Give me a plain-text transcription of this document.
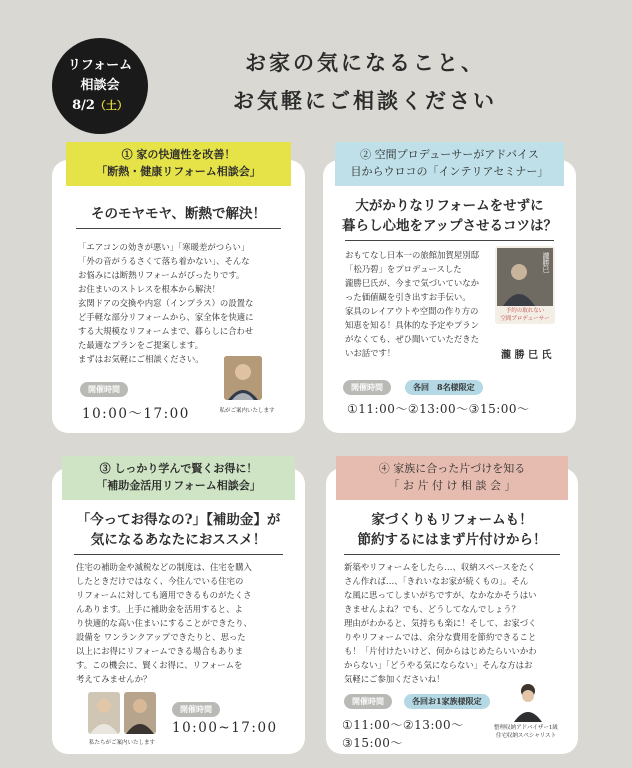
リフォーム
相談会
8/2（土）
お家の気になること、
お気軽にご相談ください
① 家の快適性を改善！
「断熱・健康リフォーム相談会」
そのモヤモヤ、断熱で解決！
「エアコンの効きが悪い」「寒暖差がつらい」
「外の音がうるさくて落ち着かない」、そんな
お悩みには断熱リフォームがぴったりです。
お住まいのストレスを根本から解決！
玄関ドアの交換や内窓（インプラス）の設置な
ど手軽な部分リフォームから、家全体を快適に
する大規模なリフォームまで、暮らしに合わせ
た最適なプランをご提案します。
まずはお気軽にご相談ください。
開催時間
10:00〜17:00	私がご案内いたします
② 空間プロデューサーがアドバイス
目からウロコの「インテリアセミナー」
大がかりなリフォームをせずに
暮らし心地をアップさせるコツは？
おもてなし日本一の旅館加賀屋別邸
「松乃碧」をプロデュースした
瀧勝巳氏が、今まで気づいていなか
った価値観を引き出すお手伝い。
家具のレイアウトや空間の作り方の
知恵を知る！具体的な予定やプラン
がなくても、ぜひ聞いていただきた
いお話です！
瀧勝巳
予約の取れない
空間プロデューサー
瀧 勝 巳 氏
開催時間	各回　8名様限定
①11:00〜②13:00〜③15:00〜
③ しっかり学んで賢くお得に！
「補助金活用リフォーム相談会」
「今ってお得なの?」【補助金】が
気になるあなたにおススメ！
住宅の補助金や減税などの制度は、住宅を購入
したときだけではなく、今住んでいる住宅の
リフォームに対しても適用できるものがたくさ
んあります。上手に補助金を活用すると、よ
り快適的な高い住まいにすることができたり、
設備を ワンランクアップできたりと、思った
以上にお得にリフォームできる場合もありま
す。この機会に、賢くお得に、リフォームを
考えてみませんか？
私たちがご案内いたします
開催時間
10:00~17:00
④ 家族に合った片づけを知る
「 お 片 付 け 相 談 会 」
家づくりもリフォームも！
節約するにはまず片付けから！
新築やリフォームをしたら…、収納スペースをたく
さん作れば…、「きれいなお家が続くもの」。そん
な風に思ってしまいがちですが、なかなかそうはい
きませんよね？でも、どうしてなんでしょう？
理由がわかると、気持ちも楽に！そして、お家づく
りやリフォームでは、余分な費用を節約できること
も！「片付けたいけど、何からはじめたらいいかわ
からない」「どうやる気にならない」そんな方はお
気軽にご参加くださいね！
開催時間	各回お1家族様限定
①11:00〜②13:00〜
③15:00〜
整理収納アドバイザー1級
住宅収納スペシャリスト
